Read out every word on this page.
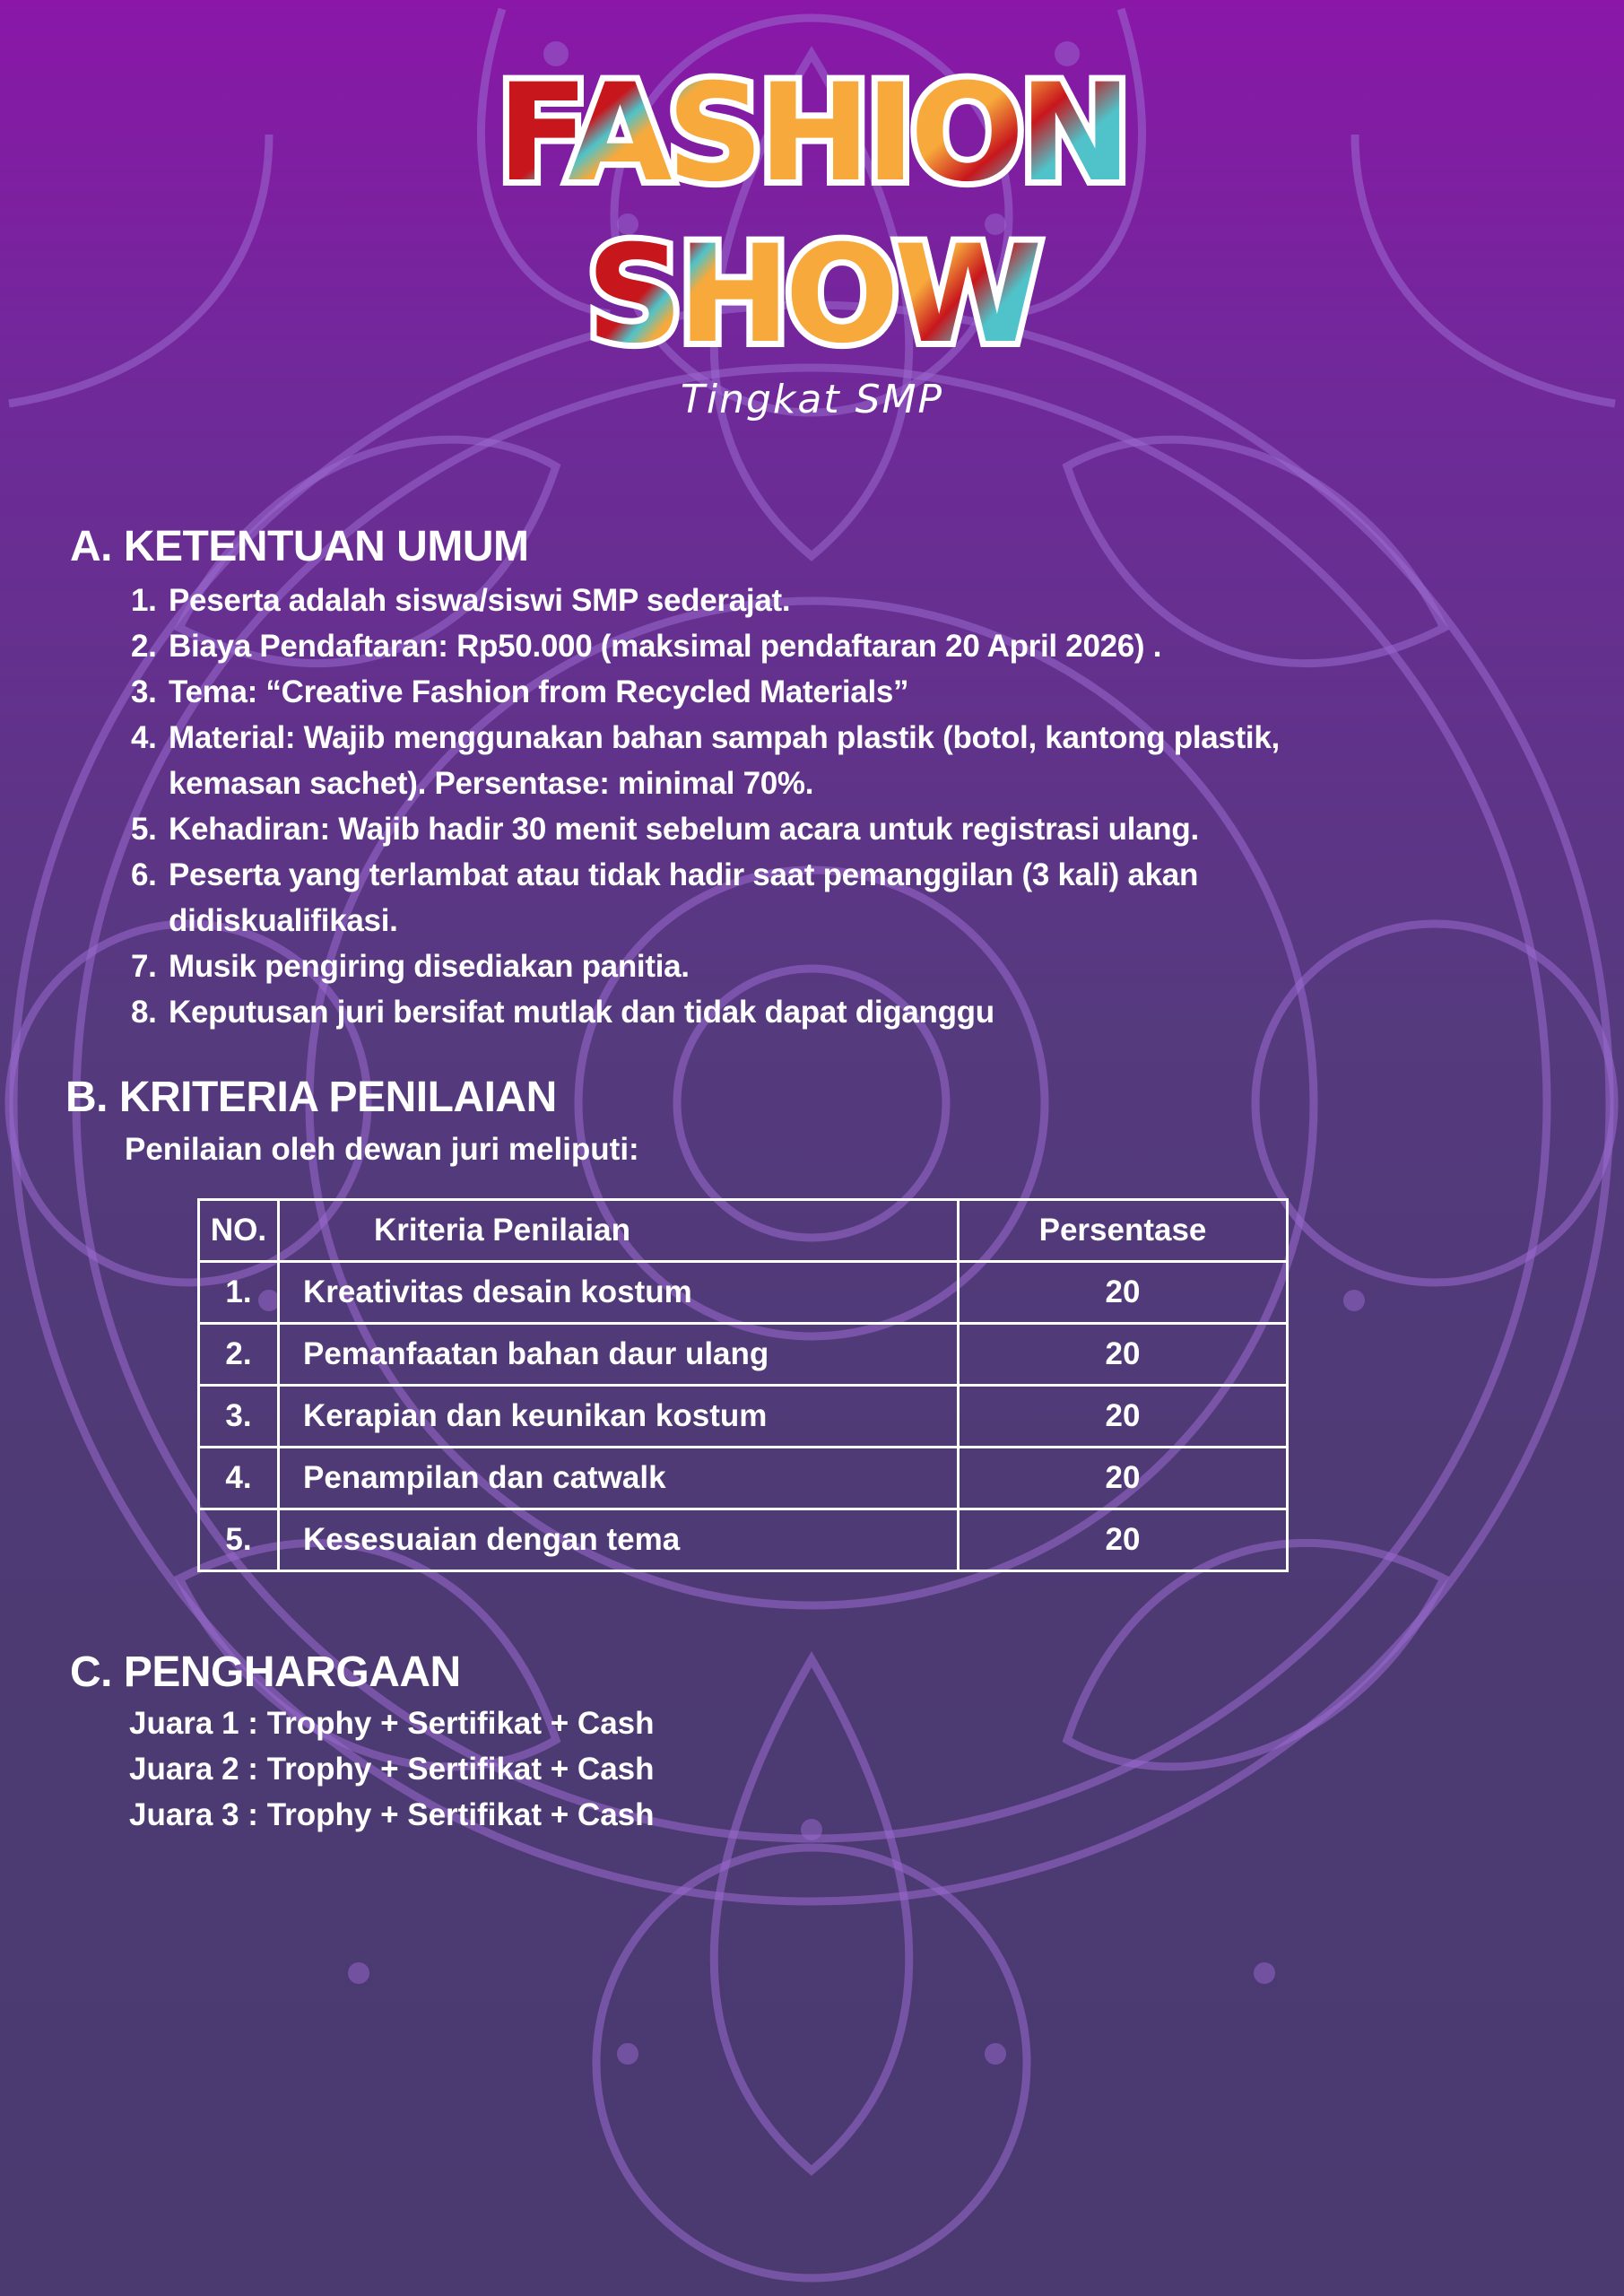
FASHION
SHOW
Tingkat SMP
A. KETENTUAN UMUM
1. Peserta adalah siswa/siswi SMP sederajat.
2. Biaya Pendaftaran: Rp50.000 (maksimal pendaftaran 20 April 2026) .
3. Tema: “Creative Fashion from Recycled Materials”
4. Material: Wajib menggunakan bahan sampah plastik (botol, kantong plastik,
kemasan sachet). Persentase: minimal 70%.
5. Kehadiran: Wajib hadir 30 menit sebelum acara untuk registrasi ulang.
6. Peserta yang terlambat atau tidak hadir saat pemanggilan (3 kali) akan
didiskualifikasi.
7. Musik pengiring disediakan panitia.
8. Keputusan juri bersifat mutlak dan tidak dapat diganggu
B. KRITERIA PENILAIAN
Penilaian oleh dewan juri meliputi:
NO.	Kriteria Penilaian	Persentase
1.	Kreativitas desain kostum	20
2.	Pemanfaatan bahan daur ulang	20
3.	Kerapian dan keunikan kostum	20
4.	Penampilan dan catwalk	20
5.	Kesesuaian dengan tema	20
C. PENGHARGAAN
Juara 1 : Trophy + Sertifikat + Cash
Juara 2 : Trophy + Sertifikat + Cash
Juara 3 : Trophy + Sertifikat + Cash
